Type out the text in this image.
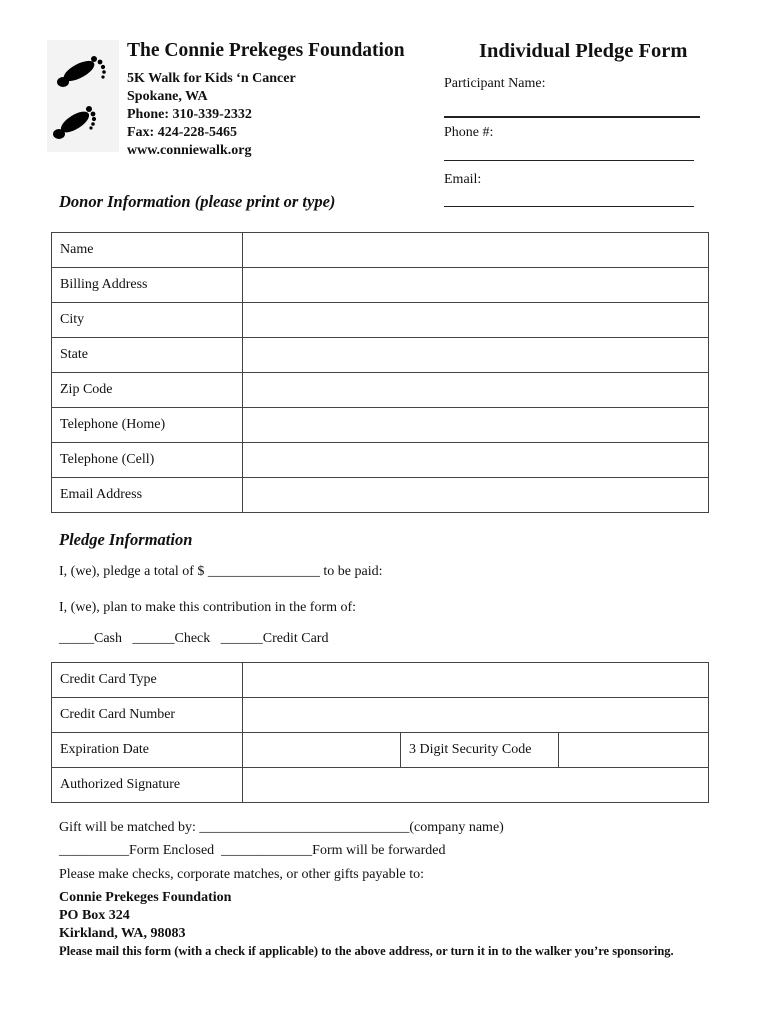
The Connie Prekeges Foundation
5K Walk for Kids ‘n Cancer
Spokane, WA
Phone: 310-339-2332
Fax: 424-228-5465
www.conniewalk.org
Individual Pledge Form
Participant Name:
Phone #:
Email:
Donor Information (please print or type)
Name	
Billing Address	
City	
State	
Zip Code	
Telephone (Home)	
Telephone (Cell)	
Email Address	
Pledge Information
I, (we), pledge a total of $ ________________ to be paid:
I, (we), plan to make this contribution in the form of:
_____Cash   ______Check   ______Credit Card
Credit Card Type			
Credit Card Number			
Expiration Date		3 Digit Security Code	
Authorized Signature			
Gift will be matched by: ______________________________(company name)
__________Form Enclosed  _____________Form will be forwarded
Please make checks, corporate matches, or other gifts payable to:
Connie Prekeges Foundation
PO Box 324
Kirkland, WA, 98083
Please mail this form (with a check if applicable) to the above address, or turn it in to the walker you’re sponsoring.
